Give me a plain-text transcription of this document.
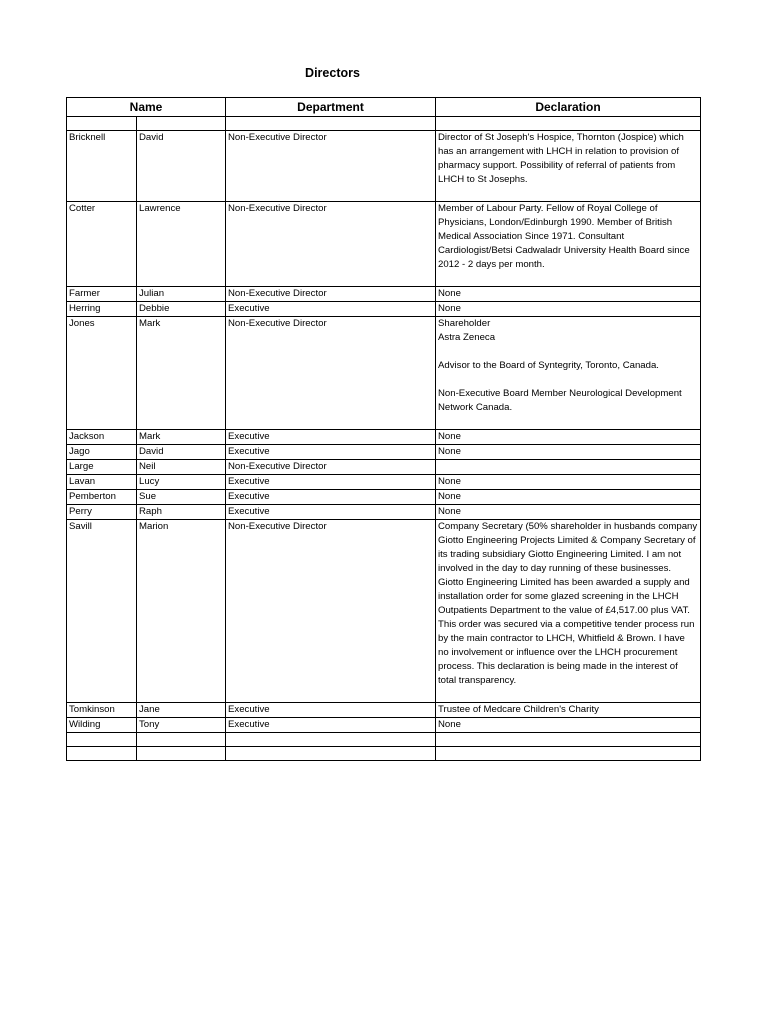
Directors
Name		Department	Declaration

Bricknell	David	Non-Executive Director	Director of St Joseph's Hospice, Thornton (Jospice) which has an arrangement with LHCH in relation to provision of pharmacy support. Possibility of referral of patients from LHCH to St Josephs.

Cotter	Lawrence	Non-Executive Director	Member of Labour Party. Fellow of Royal College of Physicians, London/Edinburgh 1990. Member of British Medical Association Since 1971. Consultant Cardiologist/Betsi Cadwaladr University Health Board since 2012 - 2 days per month.

Farmer	Julian	Non-Executive Director	None

Herring	Debbie	Executive	None

Jones	Mark	Non-Executive Director	Shareholder
Astra Zeneca
Advisor to the Board of Syntegrity, Toronto, Canada.
Non-Executive Board Member Neurological Development Network Canada.

Jackson	Mark	Executive	None

Jago	David	Executive	None

Large	Neil	Non-Executive Director	
Lavan	Lucy	Executive	None

Pemberton	Sue	Executive	None

Perry	Raph	Executive	None

Savill	Marion	Non-Executive Director	Company Secretary (50% shareholder in husbands company Giotto Engineering Projects Limited & Company Secretary of its trading subsidiary Giotto Engineering Limited. I am not involved in the day to day running of these businesses. Giotto Engineering Limited has been awarded a supply and installation order for some glazed screening in the LHCH Outpatients Department to the value of £4,517.00 plus VAT. This order was secured via a competitive tender process run by the main contractor to LHCH, Whitfield & Brown. I have no involvement or influence over the LHCH procurement process. This declaration is being made in the interest of total transparency.

Tomkinson	Jane	Executive	Trustee of Medcare Children's Charity

Wilding	Tony	Executive	None
